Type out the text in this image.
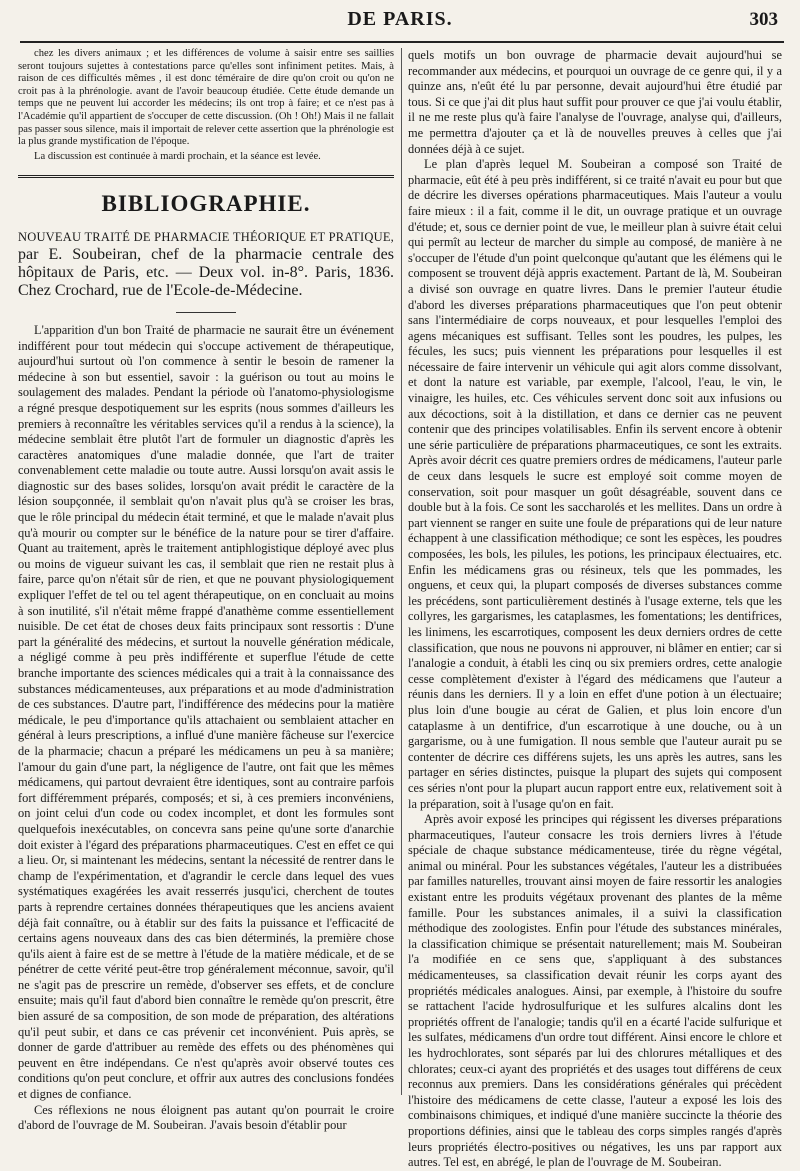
DE PARIS.	303

chez les divers animaux ; et les différences de volume à saisir entre ses saillies seront toujours sujettes à contestations parce qu'elles sont infiniment petites. Mais, à raison de ces difficultés mêmes , il est donc téméraire de dire qu'on croit ou qu'on ne croit pas à la phrénologie. avant de l'avoir beaucoup étudiée. Cette étude demande un temps que ne peuvent lui accorder les médecins; ils ont trop à faire; et ce n'est pas à l'Académie qu'il appartient de s'occuper de cette discussion. (Oh ! Oh!) Mais il ne fallait pas passer sous silence, mais il importait de relever cette assertion que la phrénologie est la plus grande mystification de l'époque.

La discussion est continuée à mardi prochain, et la séance est levée.

BIBLIOGRAPHIE.
NOUVEAU TRAITÉ DE PHARMACIE THÉORIQUE ET PRATIQUE, par E. Soubeiran, chef de la pharmacie centrale des hôpitaux de Paris, etc. — Deux vol. in-8°. Paris, 1836. Chez Crochard, rue de l'Ecole-de-Médecine.

L'apparition d'un bon Traité de pharmacie ne saurait être un événement indifférent pour tout médecin qui s'occupe activement de thérapeutique, aujourd'hui surtout où l'on commence à sentir le besoin de ramener la médecine à son but essentiel, savoir : la guérison ou tout au moins le soulagement des malades. Pendant la période où l'anatomo-physiologisme a régné presque despotiquement sur les esprits (nous sommes d'ailleurs les premiers à reconnaître les véritables services qu'il a rendus à la science), la médecine semblait être plutôt l'art de formuler un diagnostic d'après les caractères anatomiques d'une maladie donnée, que l'art de traiter convenablement cette maladie ou toute autre. Aussi lorsqu'on avait assis le diagnostic sur des bases solides, lorsqu'on avait prédit le caractère de la lésion soupçonnée, il semblait qu'on n'avait plus qu'à se croiser les bras, que le rôle principal du médecin était terminé, et que le malade n'avait plus qu'à mourir ou compter sur le bénéfice de la nature pour se tirer d'affaire. Quant au traitement, après le traitement antiphlogistique déployé avec plus ou moins de vigueur suivant les cas, il semblait que rien ne restait plus à faire, parce qu'on n'était sûr de rien, et que ne pouvant physiologiquement expliquer l'effet de tel ou tel agent thérapeutique, on en concluait au moins à son inutilité, s'il n'était même frappé d'anathème comme essentiellement nuisible. De cet état de choses deux faits principaux sont ressortis : D'une part la généralité des médecins, et surtout la nouvelle génération médicale, a négligé comme à peu près indifférente et superflue l'étude de cette branche importante des sciences médicales qui a trait à la connaissance des substances médicamenteuses, aux préparations et au mode d'administration de ces substances. D'autre part, l'indifférence des médecins pour la matière médicale, le peu d'importance qu'ils attachaient ou semblaient attacher en général à leurs prescriptions, a influé d'une manière fâcheuse sur l'exercice de la pharmacie; chacun a préparé les médicamens un peu à sa manière; l'amour du gain d'une part, la négligence de l'autre, ont fait que les mêmes médicamens, qui partout devraient être identiques, sont au contraire parfois fort différemment préparés, composés; et si, à ces premiers inconvéniens, on joint celui d'un code ou codex incomplet, et dont les formules sont quelquefois inexécutables, on concevra sans peine qu'une sorte d'anarchie doit exister à l'égard des préparations pharmaceutiques. C'est en effet ce qui a lieu. Or, si maintenant les médecins, sentant la nécessité de rentrer dans le champ de l'expérimentation, et d'agrandir le cercle dans lequel des vues systématiques exagérées les avait resserrés jusqu'ici, cherchent de toutes parts à reprendre certaines données thérapeutiques que les anciens avaient déjà fait connaître, ou à établir sur des faits la puissance et l'efficacité de certains agens nouveaux dans des cas bien déterminés, la première chose qu'ils aient à faire est de se mettre à l'étude de la matière médicale, et de se pénétrer de cette vérité peut-être trop généralement méconnue, savoir, qu'il ne s'agit pas de prescrire un remède, d'observer ses effets, et de conclure ensuite; mais qu'il faut d'abord bien connaître le remède qu'on prescrit, être bien assuré de sa composition, de son mode de préparation, des altérations qu'il peut subir, et dans ce cas prévenir cet inconvénient. Puis après, se donner de garde d'attribuer au remède des effets ou des phénomènes qui peuvent en être indépendans. Ce n'est qu'après avoir observé toutes ces conditions qu'on peut conclure, et offrir aux autres des conclusions fondées et dignes de confiance.

Ces réflexions ne nous éloignent pas autant qu'on pourrait le croire d'abord de l'ouvrage de M. Soubeiran. J'avais besoin d'établir pour

quels motifs un bon ouvrage de pharmacie devait aujourd'hui se recommander aux médecins, et pourquoi un ouvrage de ce genre qui, il y a quinze ans, n'eût été lu par personne, devait aujourd'hui être étudié par tous. Si ce que j'ai dit plus haut suffit pour prouver ce que j'ai voulu établir, il ne me reste plus qu'à faire l'analyse de l'ouvrage, analyse qui, d'ailleurs, me permettra d'ajouter ça et là de nouvelles preuves à celles que j'ai données déjà à ce sujet.

Le plan d'après lequel M. Soubeiran a composé son Traité de pharmacie, eût été à peu près indifférent, si ce traité n'avait eu pour but que de décrire les diverses opérations pharmaceutiques. Mais l'auteur a voulu faire mieux : il a fait, comme il le dit, un ouvrage pratique et un ouvrage d'étude; et, sous ce dernier point de vue, le meilleur plan à suivre était celui qui permît au lecteur de marcher du simple au composé, de manière à ne s'occuper de l'étude d'un point quelconque qu'autant que les élémens qui le composent se trouvent déjà appris exactement. Partant de là, M. Soubeiran a divisé son ouvrage en quatre livres. Dans le premier l'auteur étudie d'abord les diverses préparations pharmaceutiques que l'on peut obtenir sans l'intermédiaire de corps nouveaux, et pour lesquelles l'emploi des agens mécaniques est suffisant. Telles sont les poudres, les pulpes, les fécules, les sucs; puis viennent les préparations pour lesquelles il est nécessaire de faire intervenir un véhicule qui agit alors comme dissolvant, et dont la nature est variable, par exemple, l'alcool, l'eau, le vin, le vinaigre, les huiles, etc. Ces véhicules servent donc soit aux infusions ou aux décoctions, soit à la distillation, et dans ce dernier cas ne peuvent contenir que des principes volatilisables. Enfin ils servent encore à obtenir une série particulière de préparations pharmaceutiques, ce sont les extraits. Après avoir décrit ces quatre premiers ordres de médicamens, l'auteur parle de ceux dans lesquels le sucre est employé soit comme moyen de conservation, soit pour masquer un goût désagréable, souvent dans ce double but à la fois. Ce sont les saccharolés et les mellites. Dans un ordre à part viennent se ranger en suite une foule de préparations qui de leur nature échappent à une classification méthodique; ce sont les espèces, les poudres composées, les bols, les pilules, les potions, les principaux électuaires, etc. Enfin les médicamens gras ou résineux, tels que les pommades, les onguens, et ceux qui, la plupart composés de diverses substances comme les précédens, sont particulièrement destinés à l'usage externe, tels que les collyres, les gargarismes, les cataplasmes, les fomentations; les dentifrices, les linimens, les escarrotiques, composent les deux derniers ordres de cette classification, que nous ne pouvons ni approuver, ni blâmer en entier; car si l'analogie a conduit, à établi les cinq ou six premiers ordres, cette analogie cesse complètement d'exister à l'égard des médicamens que l'auteur a réunis dans les derniers. Il y a loin en effet d'une potion à un électuaire; plus loin d'une bougie au cérat de Galien, et plus loin encore d'un cataplasme à un dentifrice, d'un escarrotique à une douche, ou à un gargarisme, ou à une fumigation. Il nous semble que l'auteur aurait pu se contenter de décrire ces différens sujets, les uns après les autres, sans les partager en séries distinctes, puisque la plupart des sujets qui composent ces séries n'ont pour la plupart aucun rapport entre eux, relativement soit à la préparation, soit à l'usage qu'on en fait.

Après avoir exposé les principes qui régissent les diverses préparations pharmaceutiques, l'auteur consacre les trois derniers livres à l'étude spéciale de chaque substance médicamenteuse, tirée du règne végétal, animal ou minéral. Pour les substances végétales, l'auteur les a distribuées par familles naturelles, trouvant ainsi moyen de faire ressortir les analogies existant entre les produits végétaux provenant des plantes de la même famille. Pour les substances animales, il a suivi la classification méthodique des zoologistes. Enfin pour l'étude des substances minérales, la classification chimique se présentait naturellement; mais M. Soubeiran l'a modifiée en ce sens que, s'appliquant à des substances médicamenteuses, sa classification devait réunir les corps ayant des propriétés médicales analogues. Ainsi, par exemple, à l'histoire du soufre se rattachent l'acide hydrosulfurique et les sulfures alcalins dont les propriétés offrent de l'analogie; tandis qu'il en a écarté l'acide sulfurique et les sulfates, médicamens d'un ordre tout différent. Ainsi encore le chlore et les hydrochlorates, sont séparés par lui des chlorures métalliques et des chlorates; ceux-ci ayant des propriétés et des usages tout différens de ceux reconnus aux premiers. Dans les considérations générales qui précèdent l'histoire des médicamens de cette classe, l'auteur a exposé les lois des combinaisons chimiques, et indiqué d'une manière succincte la théorie des proportions définies, ainsi que le tableau des corps simples rangés d'après leurs propriétés électro-positives ou négatives, les uns par rapport aux autres. Tel est, en abrégé, le plan de l'ouvrage de M. Soubeiran.
